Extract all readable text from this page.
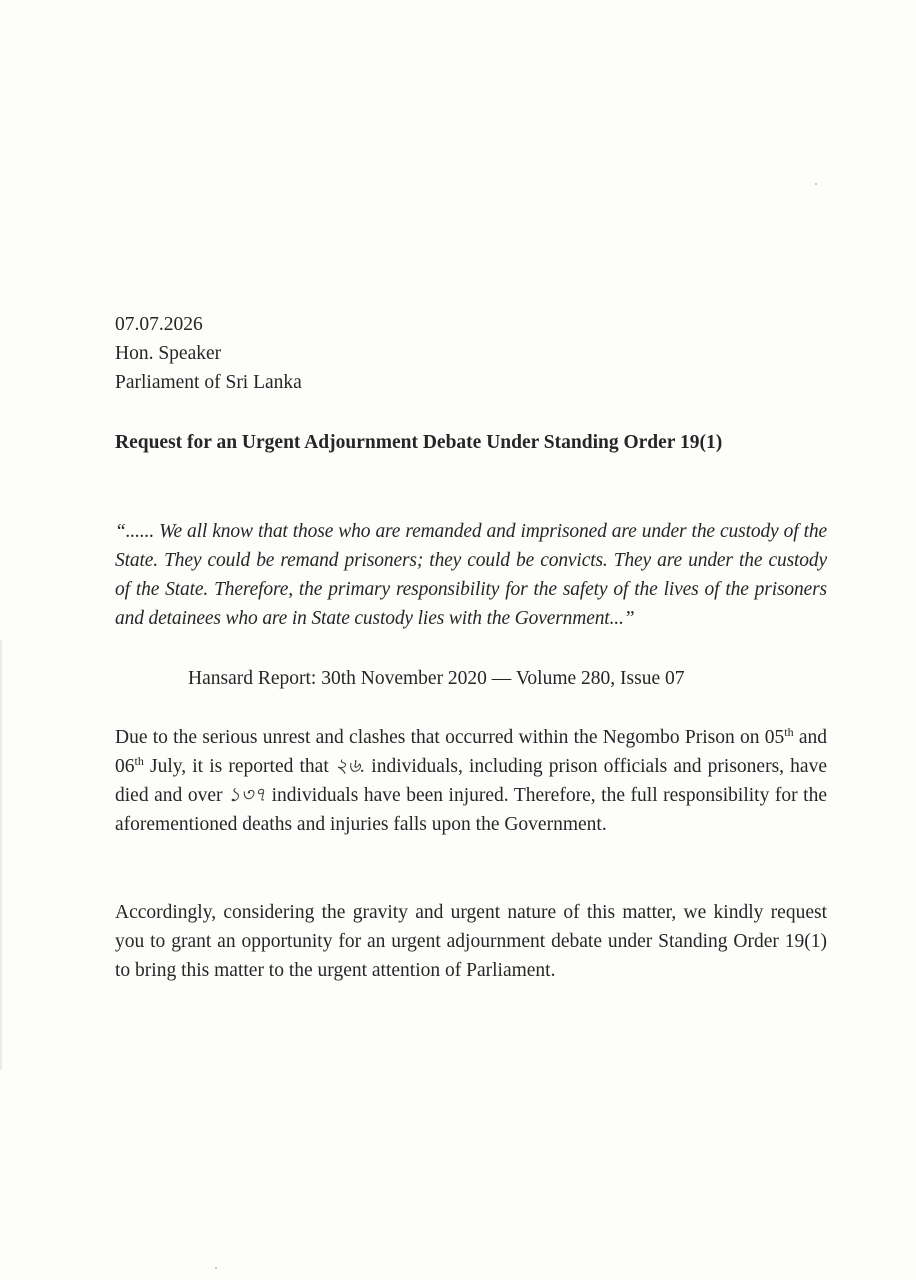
07.07.2026
Hon. Speaker
Parliament of Sri Lanka
Request for an Urgent Adjournment Debate Under Standing Order 19(1)
“...... We all know that those who are remanded and imprisoned are under the custody of the State. They could be remand prisoners; they could be convicts. They are under the custody of the State. Therefore, the primary responsibility for the safety of the lives of the prisoners and detainees who are in State custody lies with the Government...”
Hansard Report: 30th November 2020 — Volume 280, Issue 07
Due to the serious unrest and clashes that occurred within the Negombo Prison on 05th and 06th July, it is reported that ২৬. individuals, including prison officials and prisoners, have died and over ১৩৭ individuals have been injured. Therefore, the full responsibility for the aforementioned deaths and injuries falls upon the Government.
Accordingly, considering the gravity and urgent nature of this matter, we kindly request you to grant an opportunity for an urgent adjournment debate under Standing Order 19(1) to bring this matter to the urgent attention of Parliament.
